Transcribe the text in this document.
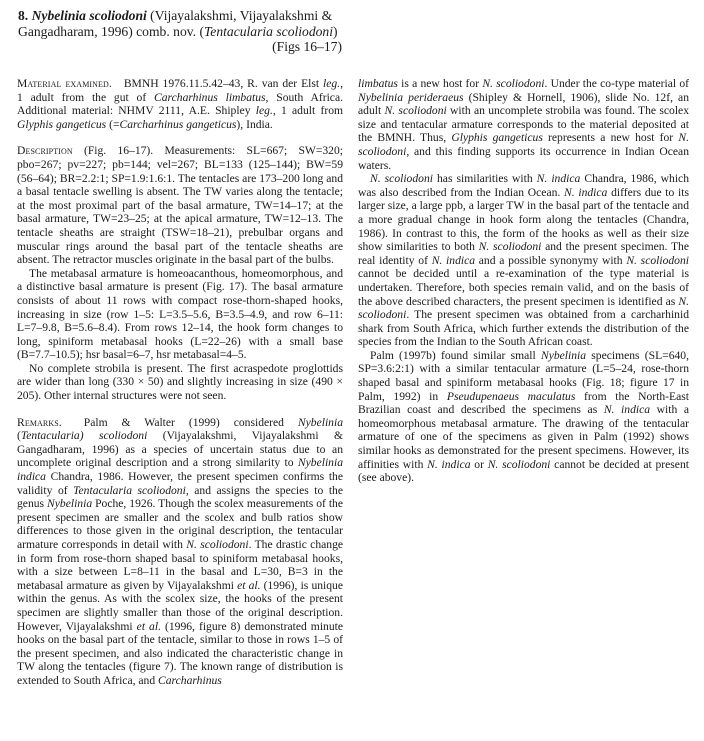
8. Nybelinia scoliodoni (Vijayalakshmi, Vijayalakshmi & Gangadharam, 1996) comb. nov. (Tentacularia scoliodoni)
(Figs 16–17)

Material examined. BMNH 1976.11.5.42–43, R. van der Elst leg., 1 adult from the gut of Carcharhinus limbatus, South Africa. Additional material: NHMV 2111, A.E. Shipley leg., 1 adult from Glyphis gangeticus (=Carcharhinus gangeticus), India.

Description (Fig. 16–17). Measurements: SL=667; SW=320; pbo=267; pv=227; pb=144; vel=267; BL=133 (125–144); BW=59 (56–64); BR=2.2:1; SP=1.9:1.6:1. The tentacles are 173–200 long and a basal tentacle swelling is absent. The TW varies along the tentacle; at the most proximal part of the basal armature, TW=14–17; at the basal armature, TW=23–25; at the apical armature, TW=12–13. The tentacle sheaths are straight (TSW=18–21), prebulbar organs and muscular rings around the basal part of the tentacle sheaths are absent. The retractor muscles originate in the basal part of the bulbs.

The metabasal armature is homeoacanthous, homeomorphous, and a distinctive basal armature is present (Fig. 17). The basal armature consists of about 11 rows with compact rose-thorn-shaped hooks, increasing in size (row 1–5: L=3.5–5.6, B=3.5–4.9, and row 6–11: L=7–9.8, B=5.6–8.4). From rows 12–14, the hook form changes to long, spiniform metabasal hooks (L=22–26) with a small base (B=7.7–10.5); hsr basal=6–7, hsr metabasal=4–5.

No complete strobila is present. The first acraspedote proglottids are wider than long (330 × 50) and slightly increasing in size (490 × 205). Other internal structures were not seen.

Remarks. Palm & Walter (1999) considered Nybelinia (Tentacularia) scoliodoni (Vijayalakshmi, Vijayalakshmi & Gangadharam, 1996) as a species of uncertain status due to an uncomplete original description and a strong similarity to Nybelinia indica Chandra, 1986. However, the present specimen confirms the validity of Tentacularia scoliodoni, and assigns the species to the genus Nybelinia Poche, 1926. Though the scolex measurements of the present specimen are smaller and the scolex and bulb ratios show differences to those given in the original description, the tentacular armature corresponds in detail with N. scoliodoni. The drastic change in form from rose-thorn shaped basal to spiniform metabasal hooks, with a size between L=8–11 in the basal and L=30, B=3 in the metabasal armature as given by Vijayalakshmi et al. (1996), is unique within the genus. As with the scolex size, the hooks of the present specimen are slightly smaller than those of the original description. However, Vijayalakshmi et al. (1996, figure 8) demonstrated minute hooks on the basal part of the tentacle, similar to those in rows 1–5 of the present specimen, and also indicated the characteristic change in TW along the tentacles (figure 7). The known range of distribution is extended to South Africa, and Carcharhinus

limbatus is a new host for N. scoliodoni. Under the co-type material of Nybelinia perideraeus (Shipley & Hornell, 1906), slide No. 12f, an adult N. scoliodoni with an uncomplete strobila was found. The scolex size and tentacular armature corresponds to the material deposited at the BMNH. Thus, Glyphis gangeticus represents a new host for N. scoliodoni, and this finding supports its occurrence in Indian Ocean waters.

N. scoliodoni has similarities with N. indica Chandra, 1986, which was also described from the Indian Ocean. N. indica differs due to its larger size, a large ppb, a larger TW in the basal part of the tentacle and a more gradual change in hook form along the tentacles (Chandra, 1986). In contrast to this, the form of the hooks as well as their size show similarities to both N. scoliodoni and the present specimen. The real identity of N. indica and a possible synonymy with N. scoliodoni cannot be decided until a re-examination of the type material is undertaken. Therefore, both species remain valid, and on the basis of the above described characters, the present specimen is identified as N. scoliodoni. The present specimen was obtained from a carcharhinid shark from South Africa, which further extends the distribution of the species from the Indian to the South African coast.

Palm (1997b) found similar small Nybelinia specimens (SL=640, SP=3.6:2:1) with a similar tentacular armature (L=5–24, rose-thorn shaped basal and spiniform metabasal hooks (Fig. 18; figure 17 in Palm, 1992) in Pseudupenaeus maculatus from the North-East Brazilian coast and described the specimens as N. indica with a homeomorphous metabasal armature. The drawing of the tentacular armature of one of the specimens as given in Palm (1992) shows similar hooks as demonstrated for the present specimens. However, its affinities with N. indica or N. scoliodoni cannot be decided at present (see above).
